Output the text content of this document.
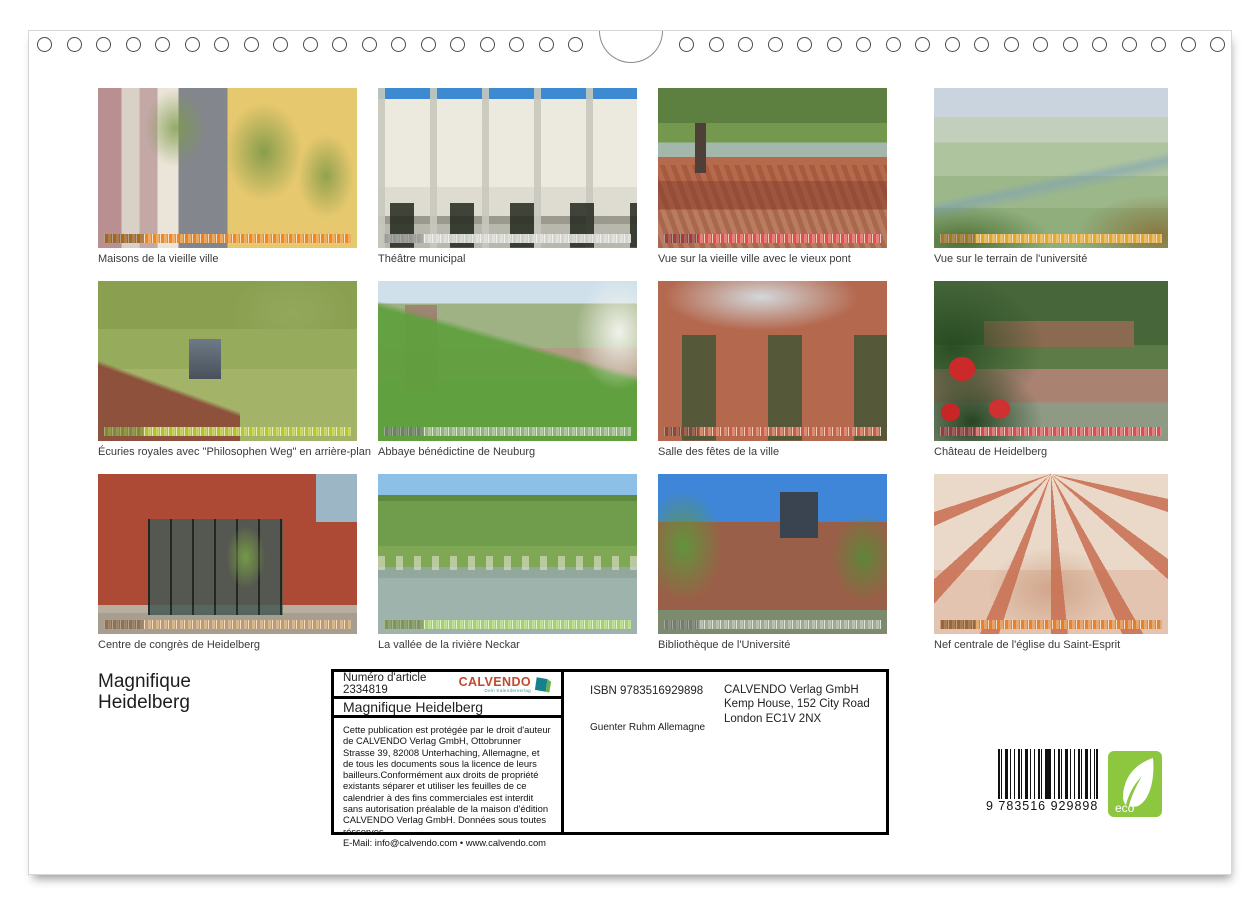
Maisons de la vieille ville	Théâtre municipal	Vue sur la vieille ville avec le vieux pont	Vue sur le terrain de l'université
Écuries royales avec "Philosophen Weg" en arrière-plan Abbaye bénédictine de Neuburg	Salle des fêtes de la ville	Château de Heidelberg
Centre de congrès de Heidelberg	La vallée de la rivière Neckar	Bibliothèque de l'Université	Nef centrale de l'église du Saint-Esprit
Magnifique
Heidelberg
Numéro d'article 2334819
CALVENDO
Dein Kalenderverlag
Magnifique Heidelberg

Cette publication est protégée par le droit d'auteur de CALVENDO Verlag GmbH, Ottobrunner Strasse 39, 82008 Unterhaching, Allemagne, et de tous les documents sous la licence de leurs bailleurs.Conformément aux droits de propriété existants séparer et utiliser les feuilles de ce calendrier à des fins commerciales est interdit sans autorisation préalable de la maison d'édition CALVENDO Verlag GmbH. Données sous toutes résserves.

E-Mail: info@calvendo.com • www.calvendo.com

ISBN 9783516929898 CALVENDO Verlag GmbH
Kemp House, 152 City Road
London EC1V 2NX
Guenter Ruhm Allemagne
9 783516 929898	eco
